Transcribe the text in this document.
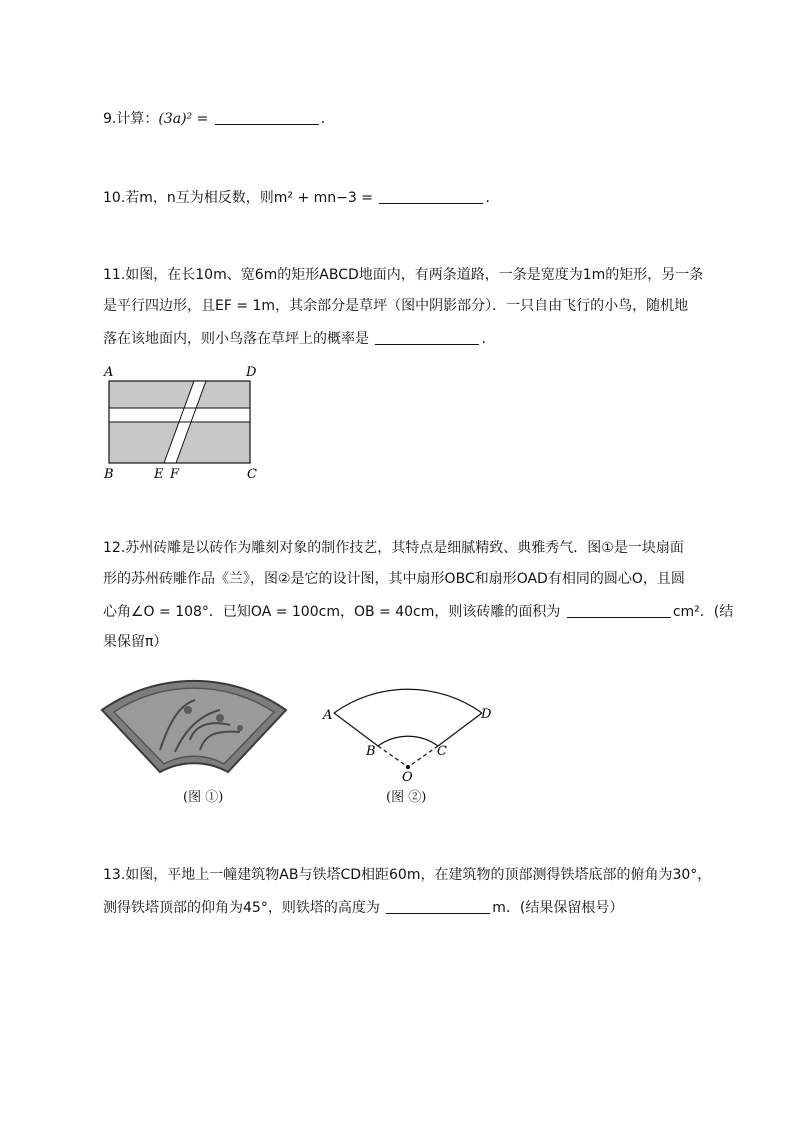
9.计算：(3a)² =	.
10.若m，n互为相反数，则m² + mn−3 =	.
11.如图，在长10m、宽6m的矩形ABCD地面内，有两条道路，一条是宽度为1m的矩形，另一条
是平行四边形，且EF = 1m，其余部分是草坪（图中阴影部分）．一只自由飞行的小鸟，随机地
落在该地面内，则小鸟落在草坪上的概率是	.
A	D
B	E F	C
12.苏州砖雕是以砖作为雕刻对象的制作技艺，其特点是细腻精致、典雅秀气．图①是一块扇面
形的苏州砖雕作品《兰》，图②是它的设计图，其中扇形OBC和扇形OAD有相同的圆心O，且圆
心角∠O = 108°．已知OA = 100cm，OB = 40cm，则该砖雕的面积为	cm²．(结
果保留π）
(图 ①)
A	D
B	C
O
(图 ②)
13.如图，平地上一幢建筑物AB与铁塔CD相距60m，在建筑物的顶部测得铁塔底部的俯角为30°，
测得铁塔顶部的仰角为45°，则铁塔的高度为	m．(结果保留根号）
